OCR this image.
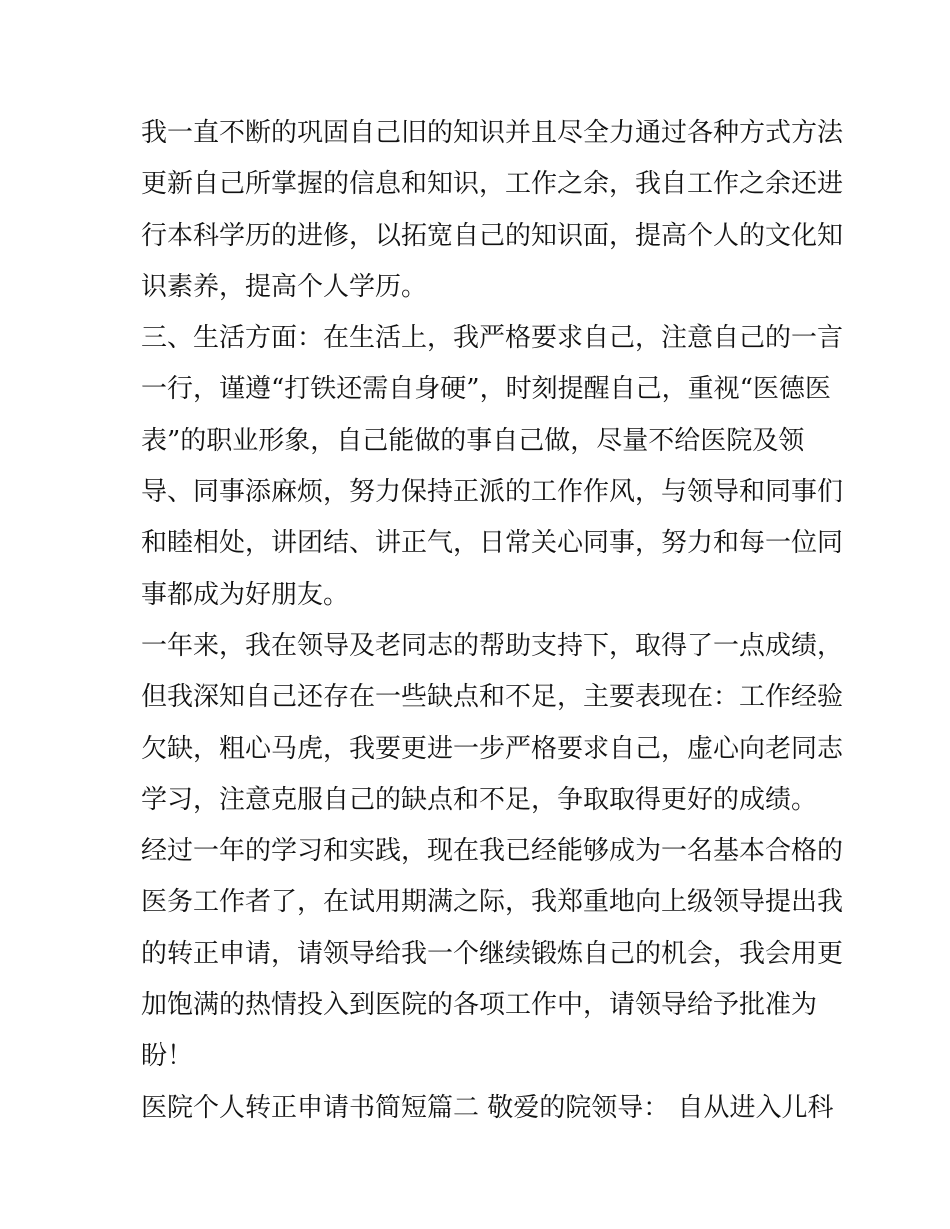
我一直不断的巩固自己旧的知识并且尽全力通过各种方式方法
更新自己所掌握的信息和知识，工作之余，我自工作之余还进
行本科学历的进修，以拓宽自己的知识面，提高个人的文化知
识素养，提高个人学历。
三、生活方面：在生活上，我严格要求自己，注意自己的一言
一行，谨遵“打铁还需自身硬”，时刻提醒自己，重视“医德医
表”的职业形象，自己能做的事自己做，尽量不给医院及领
导、同事添麻烦，努力保持正派的工作作风，与领导和同事们
和睦相处，讲团结、讲正气，日常关心同事，努力和每一位同
事都成为好朋友。
一年来，我在领导及老同志的帮助支持下，取得了一点成绩，
但我深知自己还存在一些缺点和不足，主要表现在：工作经验
欠缺，粗心马虎，我要更进一步严格要求自己，虚心向老同志
学习，注意克服自己的缺点和不足，争取取得更好的成绩。
经过一年的学习和实践，现在我已经能够成为一名基本合格的
医务工作者了，在试用期满之际，我郑重地向上级领导提出我
的转正申请，请领导给我一个继续锻炼自己的机会，我会用更
加饱满的热情投入到医院的各项工作中，请领导给予批准为
盼！
医院个人转正申请书简短篇二 敬爱的院领导： 自从进入儿科
